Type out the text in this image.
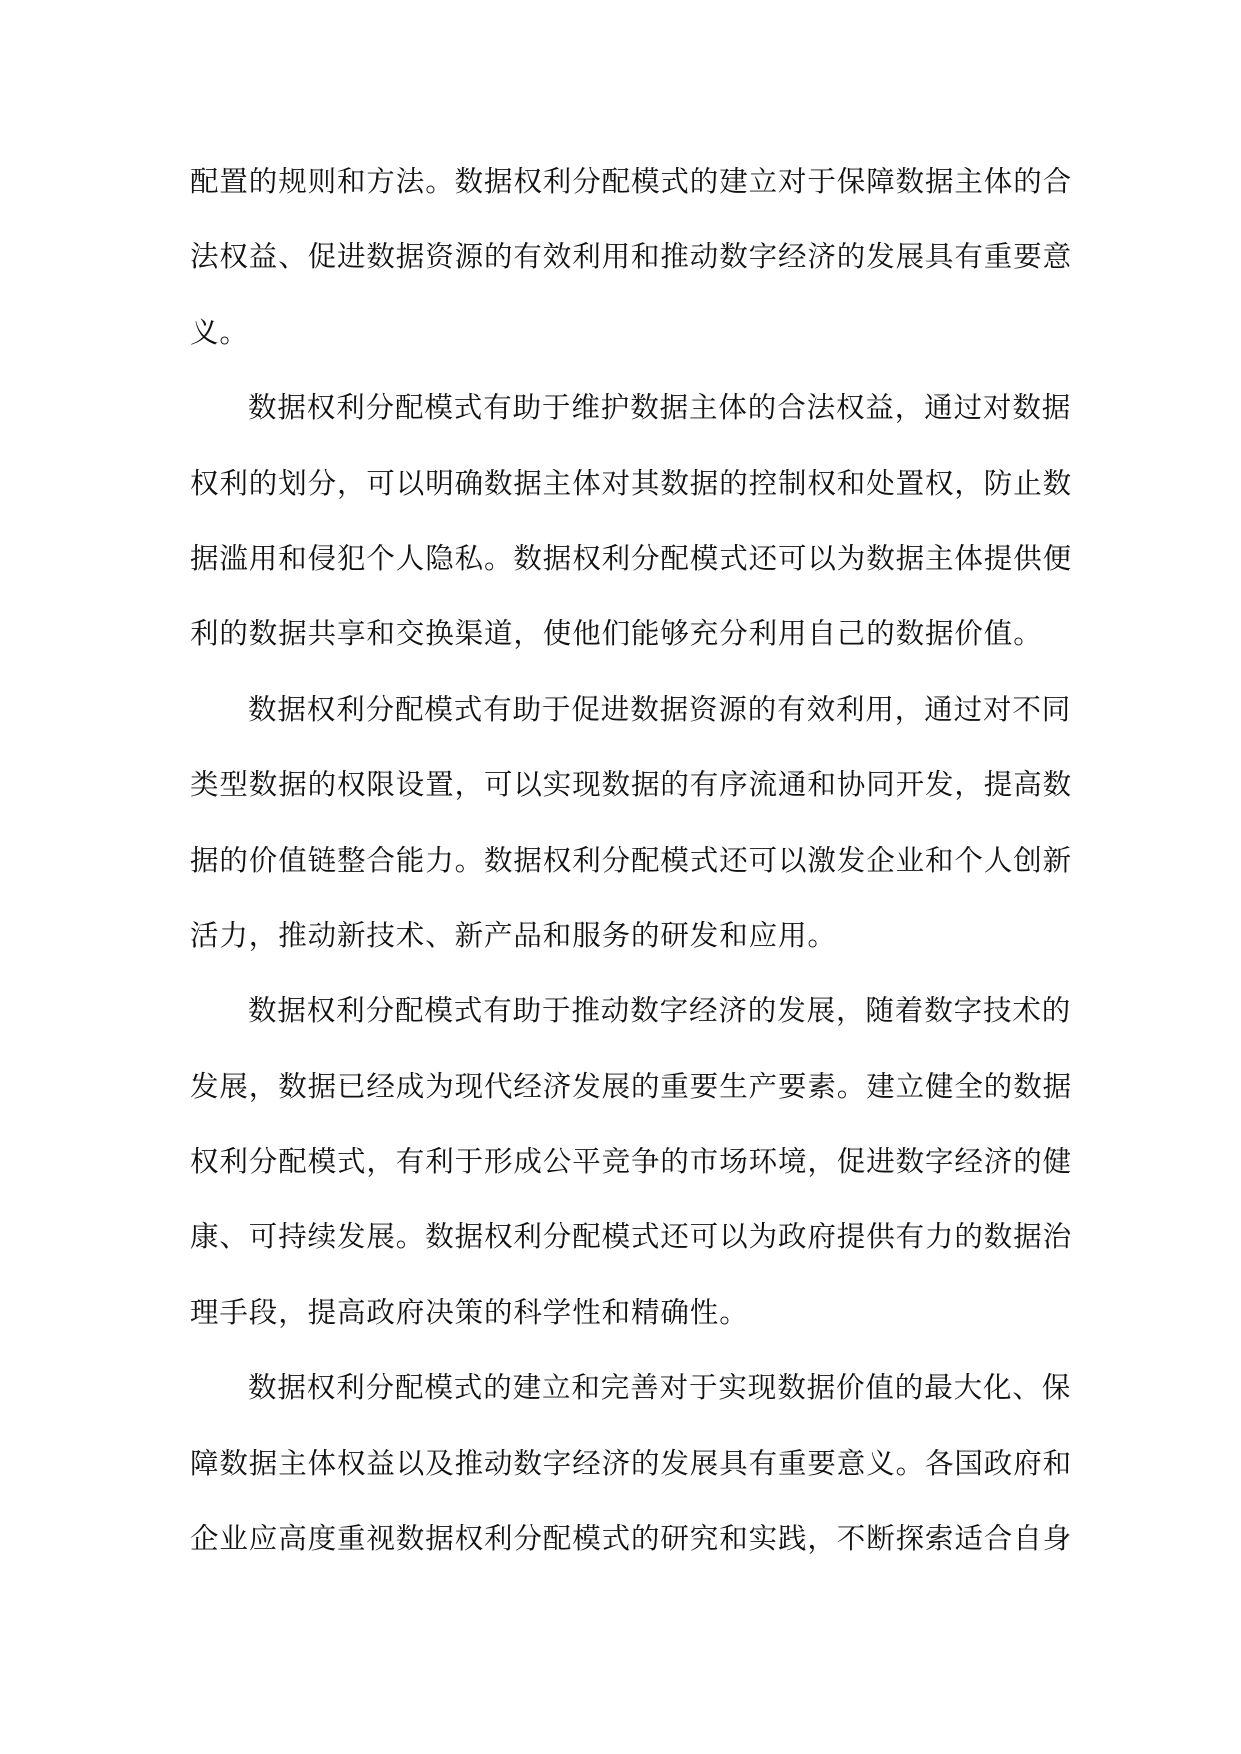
配置的规则和方法。数据权利分配模式的建立对于保障数据主体的合
法权益、促进数据资源的有效利用和推动数字经济的发展具有重要意
义。
数据权利分配模式有助于维护数据主体的合法权益，通过对数据
权利的划分，可以明确数据主体对其数据的控制权和处置权，防止数
据滥用和侵犯个人隐私。数据权利分配模式还可以为数据主体提供便
利的数据共享和交换渠道，使他们能够充分利用自己的数据价值。
数据权利分配模式有助于促进数据资源的有效利用，通过对不同
类型数据的权限设置，可以实现数据的有序流通和协同开发，提高数
据的价值链整合能力。数据权利分配模式还可以激发企业和个人创新
活力，推动新技术、新产品和服务的研发和应用。
数据权利分配模式有助于推动数字经济的发展，随着数字技术的
发展，数据已经成为现代经济发展的重要生产要素。建立健全的数据
权利分配模式，有利于形成公平竞争的市场环境，促进数字经济的健
康、可持续发展。数据权利分配模式还可以为政府提供有力的数据治
理手段，提高政府决策的科学性和精确性。
数据权利分配模式的建立和完善对于实现数据价值的最大化、保
障数据主体权益以及推动数字经济的发展具有重要意义。各国政府和
企业应高度重视数据权利分配模式的研究和实践，不断探索适合自身
